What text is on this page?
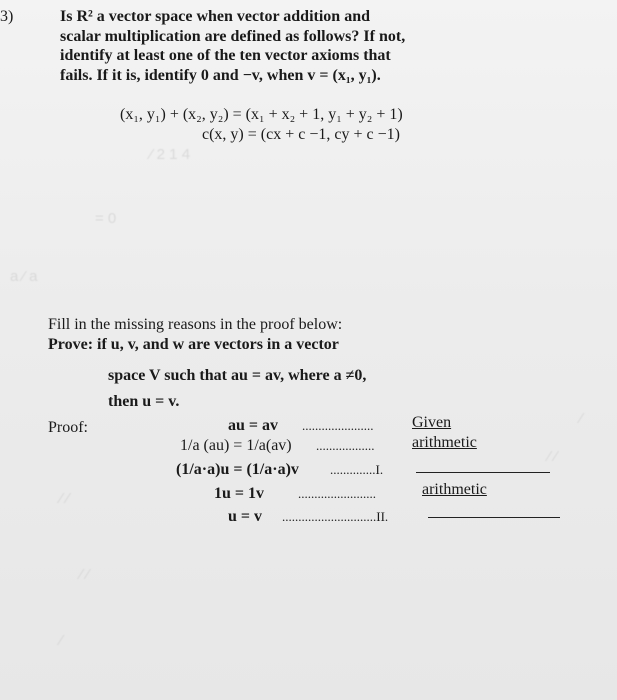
⁄ 2 1 4
= 0
a ⁄ a
⁄ ⁄
⁄ ⁄
⁄
⁄
⁄ ⁄
3)	Is R² a vector space when vector addition and
scalar multiplication are defined as follows? If not,
identify at least one of the ten vector axioms that
fails. If it is, identify 0 and −v, when v = (x₁, y₁).
(x₁, y₁) + (x₂, y₂) = (x₁ + x₂ + 1, y₁ + y₂ + 1)
c(x, y) = (cx + c −1, cy + c −1)
Fill in the missing reasons in the proof below:
Prove: if u, v, and w are vectors in a vector
space V such that au = av, where a ≠0,
then u = v.
Proof:	au = av ...................... Given
1/a (au) = 1/a(av) .................. arithmetic
(1/a·a)u = (1/a·a)v ..............I.
1u = 1v	........................	arithmetic
u = v .............................II.
